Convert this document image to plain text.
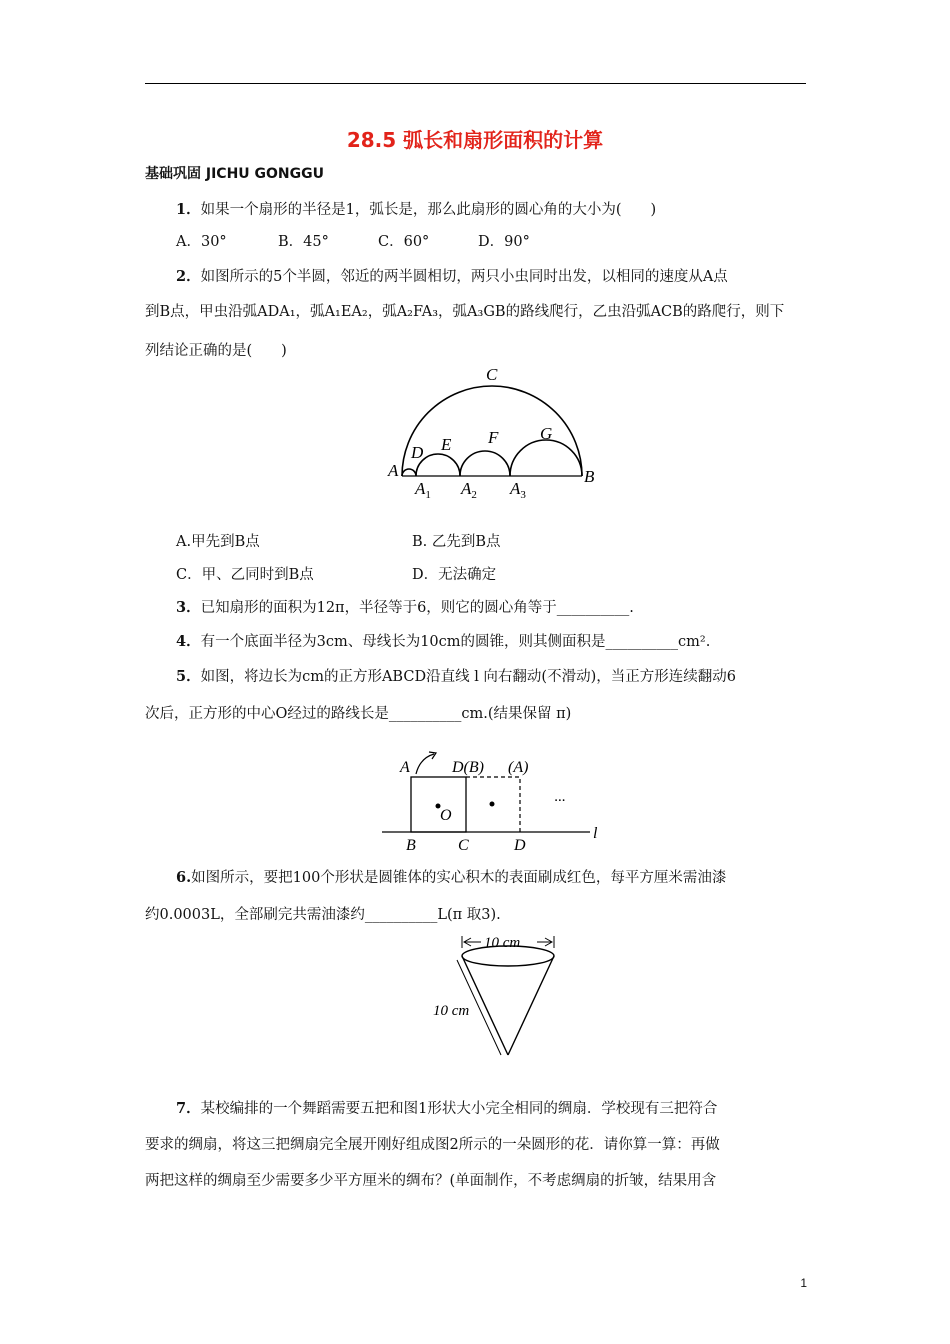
28.5 弧长和扇形面积的计算
基础巩固 JICHU GONGGU
1．如果一个扇形的半径是1，弧长是，那么此扇形的圆心角的大小为(　　)
A．30°	B．45°	C．60°	D．90°
2．如图所示的5个半圆，邻近的两半圆相切，两只小虫同时出发，以相同的速度从A点
到B点，甲虫沿弧ADA₁，弧A₁EA₂，弧A₂FA₃，弧A₃GB的路线爬行，乙虫沿弧ACB的路爬行，则下
列结论正确的是(　　)
C
A	B
D E F G
$A_1$ $A_2$ $A_3$
A.甲先到B点	B. 乙先到B点
C．甲、乙同时到B点	D．无法确定
3．已知扇形的面积为12π，半径等于6，则它的圆心角等于__________.
4．有一个底面半径为3cm、母线长为10cm的圆锥，则其侧面积是__________cm².
5．如图，将边长为cm的正方形ABCD沿直线 l 向右翻动(不滑动)，当正方形连续翻动6
次后，正方形的中心O经过的路线长是__________cm.(结果保留 π)
A	D(B) (A)
O
B	C	D
l
···
6.如图所示，要把100个形状是圆锥体的实心积木的表面刷成红色，每平方厘米需油漆
约0.0003L，全部刷完共需油漆约__________L(π 取3).
10 cm
10 cm
7．某校编排的一个舞蹈需要五把和图1形状大小完全相同的绸扇．学校现有三把符合
要求的绸扇，将这三把绸扇完全展开刚好组成图2所示的一朵圆形的花．请你算一算：再做
两把这样的绸扇至少需要多少平方厘米的绸布？(单面制作，不考虑绸扇的折皱，结果用含
1
